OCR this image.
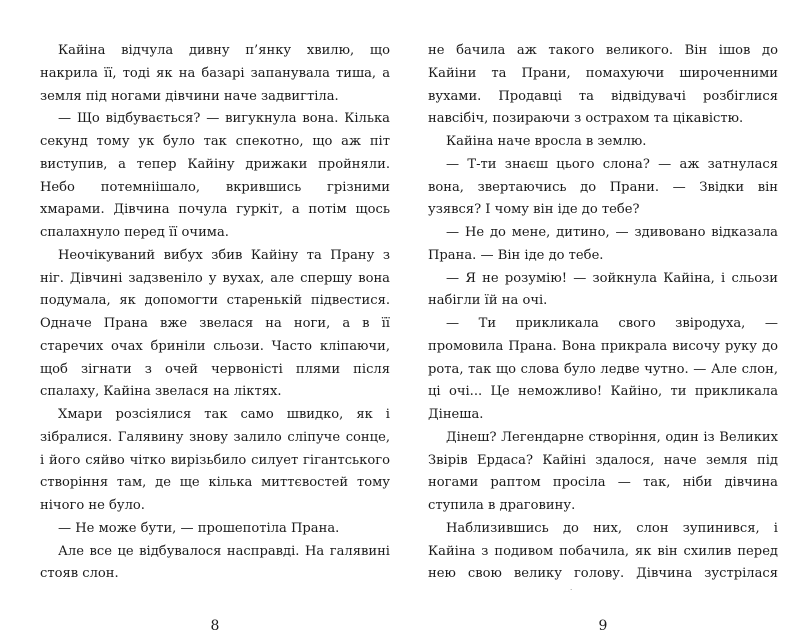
Кайіна відчула дивну п’янку хвилю, що накрила її, тоді як на базарі запанувала тиша, а земля під ногами дівчини наче задвигтіла.

— Що відбувається? — вигукнула вона. Кілька секунд тому ук було так спекотно, що аж піт виступив, а тепер Кайіну дрижаки пройняли. Небо потемніішало, вкрившись грізними хмарами. Дівчина почула гуркіт, а потім щось спалахнуло перед її очима.

Неочікуваний вибух збив Кайіну та Прану з ніг. Дівчині задзвеніло у вухах, але спершу вона подумала, як допомогти старенькій підвестися. Одначе Прана вже звелася на ноги, а в її старечих очах бриніли сльози. Часто кліпаючи, щоб зігнати з очей червоністі плями після спалаху, Кайіна звелася на ліктях.

Хмари розсіялися так само швидко, як і зібралися. Галявину знову залило сліпуче сонце, і його сяйво чітко вирізьбило силует гігантського створіння там, де ще кілька миттєвостей тому нічого не було.

— Не може бути, — прошепотіла Прана.

Але все це відбувалося насправді. На галявині стояв слон.

8

не бачила аж такого великого. Він ішов до Кайіни та Прани, помахуючи широченними вухами. Продавці та відвідувачі розбіглися навсібіч, позираючи з острахом та цікавістю.

Кайіна наче вросла в землю.

— Т-ти знаєш цього слона? — аж затнулася вона, звертаючись до Прани. — Звідки він узявся? І чому він іде до тебе?

— Не до мене, дитино, — здивовано відказала Прана. — Він іде до тебе.

— Я не розумію! — зойкнула Кайіна, і сльози набігли їй на очі.

— Ти прикликала свого звіродуха, — промовила Прана. Вона прикрала височу руку до рота, так що слова було ледве чутно. — Але слон, ці очі... Це неможливо! Кайіно, ти прикликала Дінеша.

Дінеш? Легендарне створіння, один із Великих Звірів Ердаса? Кайіні здалося, наче земля під ногами раптом просіла — так, ніби дівчина ступила в драговину.

Наблизившись до них, слон зупинився, і Кайіна з подивом побачила, як він схилив перед нею свою велику голову. Дівчина зустрілася

9
